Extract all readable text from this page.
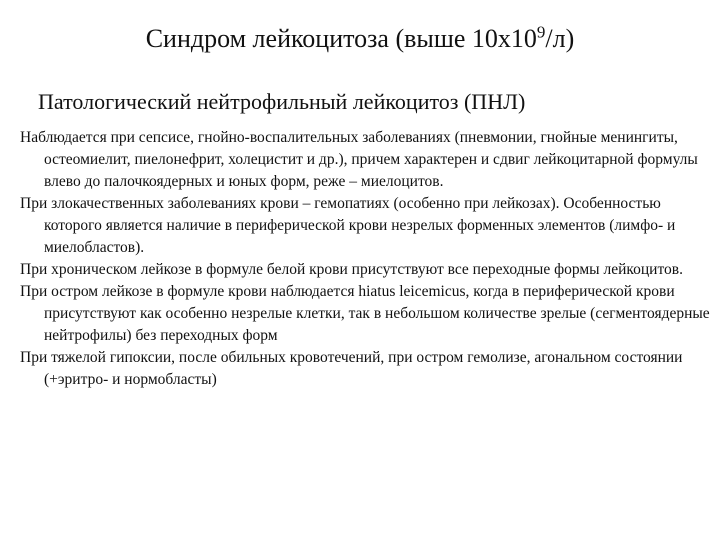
Синдром лейкоцитоза (выше $10х10^9/л$)
Патологический нейтрофильный лейкоцитоз (ПНЛ)

Наблюдается при сепсисе, гнойно-воспалительных заболеваниях (пневмонии, гнойные менингиты, остеомиелит, пиелонефрит, холецистит и др.), причем характерен и сдвиг лейкоцитарной формулы влево до палочкоядерных и юных форм, реже – миелоцитов.

При злокачественных заболеваниях крови – гемопатиях (особенно при лейкозах). Особенностью которого является наличие в периферической крови незрелых форменных элементов (лимфо- и миелобластов).

При хроническом лейкозе в формуле белой крови присутствуют все переходные формы лейкоцитов.

При остром лейкозе в формуле крови наблюдается hiatus leicemicus, когда в периферической крови присутствуют как особенно незрелые клетки, так в небольшом количестве зрелые (сегментоядерные нейтрофилы) без переходных форм

При тяжелой гипоксии, после обильных кровотечений, при остром гемолизе, агональном состоянии (+эритро- и нормобласты)
